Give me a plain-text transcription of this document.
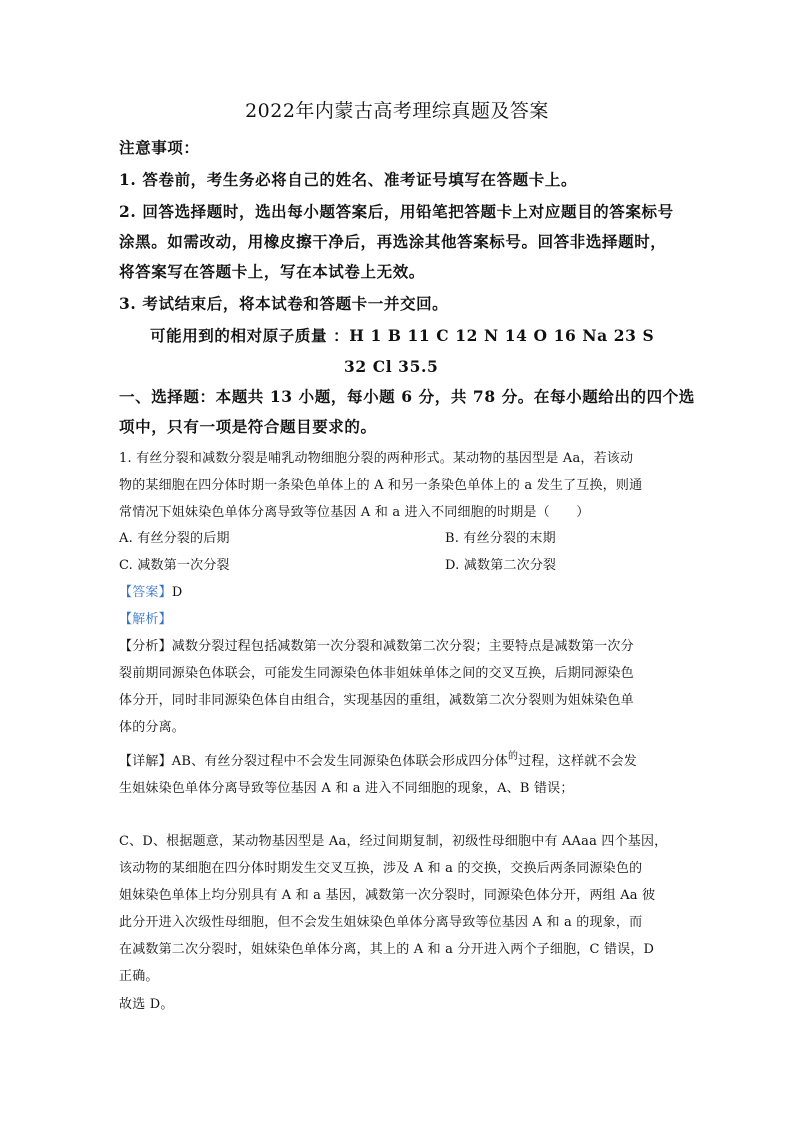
2022年内蒙古高考理综真题及答案
注意事项：
1. 答卷前，考生务必将自己的姓名、准考证号填写在答题卡上。
2. 回答选择题时，选出每小题答案后，用铅笔把答题卡上对应题目的答案标号
涂黑。如需改动，用橡皮擦干净后，再选涂其他答案标号。回答非选择题时，
将答案写在答题卡上，写在本试卷上无效。
3. 考试结束后，将本试卷和答题卡一并交回。
可能用到的相对原子质量 ：H 1 B 11 C 12 N 14 O 16 Na 23 S
32 Cl 35.5
一、选择题：本题共 13 小题，每小题 6 分，共 78 分。在每小题给出的四个选
项中，只有一项是符合题目要求的。
1. 有丝分裂和减数分裂是哺乳动物细胞分裂的两种形式。某动物的基因型是 Aa，若该动
物的某细胞在四分体时期一条染色单体上的 A 和另一条染色单体上的 a 发生了互换，则通
常情况下姐妹染色单体分离导致等位基因 A 和 a 进入不同细胞的时期是（　　）
A. 有丝分裂的后期	B. 有丝分裂的末期
C. 减数第一次分裂	D. 减数第二次分裂
【答案】D
【解析】
【分析】减数分裂过程包括减数第一次分裂和减数第二次分裂；主要特点是减数第一次分
裂前期同源染色体联会，可能发生同源染色体非姐妹单体之间的交叉互换，后期同源染色
体分开，同时非同源染色体自由组合，实现基因的重组，减数第二次分裂则为姐妹染色单
体的分离。
【详解】AB、有丝分裂过程中不会发生同源染色体联会形成四分体$^的$过程，这样就不会发
生姐妹染色单体分离导致等位基因 A 和 a 进入不同细胞的现象，A、B 错误；
C、D、根据题意，某动物基因型是 Aa，经过间期复制，初级性母细胞中有 AAaa 四个基因，
该动物的某细胞在四分体时期发生交叉互换，涉及 A 和 a 的交换，交换后两条同源染色的
姐妹染色单体上均分别具有 A 和 a 基因，减数第一次分裂时，同源染色体分开，两组 Aa 彼
此分开进入次级性母细胞，但不会发生姐妹染色单体分离导致等位基因 A 和 a 的现象，而
在减数第二次分裂时，姐妹染色单体分离，其上的 A 和 a 分开进入两个子细胞，C 错误，D
正确。
故选 D。
